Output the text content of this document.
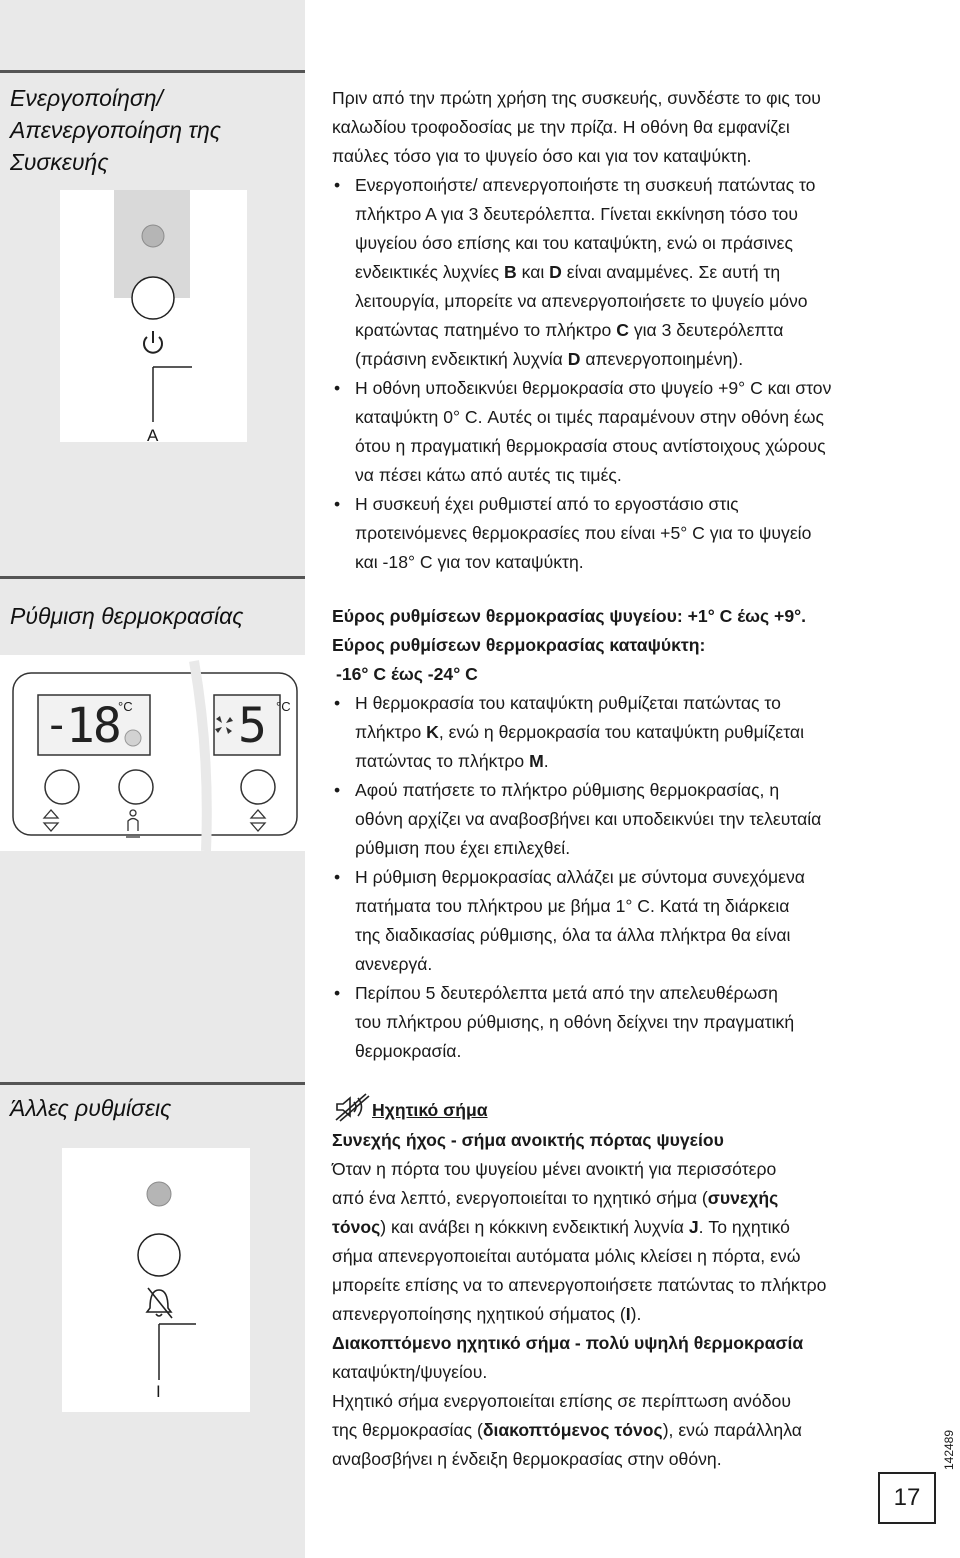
Ενεργοποίηση/
Απενεργοποίηση της
Συσκευής
A

Πριν από την πρώτη χρήση της συσκευής, συνδέστε το φις του
καλωδίου τροφοδοσίας με την πρίζα. Η οθόνη θα εμφανίζει
παύλες τόσο για το ψυγείο όσο και για τον καταψύκτη.

• Ενεργοποιήστε/ απενεργοποιήστε τη συσκευή πατώντας το
πλήκτρο Α για 3 δευτερόλεπτα. Γίνεται εκκίνηση τόσο του
ψυγείου όσο επίσης και του καταψύκτη, ενώ οι πράσινες
ενδεικτικές λυχνίες B και D είναι αναμμένες. Σε αυτή τη
λειτουργία, μπορείτε να απενεργοποιήσετε το ψυγείο μόνο
κρατώντας πατημένο το πλήκτρο C για 3 δευτερόλεπτα
(πράσινη ενδεικτική λυχνία D απενεργοποιημένη).
• Η οθόνη υποδεικνύει θερμοκρασία στο ψυγείο +9° C και στον
καταψύκτη 0° C. Αυτές οι τιμές παραμένουν στην οθόνη έως
ότου η πραγματική θερμοκρασία στους αντίστοιχους χώρους
να πέσει κάτω από αυτές τις τιμές.
• Η συσκευή έχει ρυθμιστεί από το εργοστάσιο στις
προτεινόμενες θερμοκρασίες που είναι +5° C για το ψυγείο
και -18° C για τον καταψύκτη.
Ρύθμιση θερμοκρασίας
-
18
°C 5 °C

Εύρος ρυθμίσεων θερμοκρασίας ψυγείου: +1° C έως +9°.

Εύρος ρυθμίσεων θερμοκρασίας καταψύκτη:

-16° C έως -24° C

• Η θερμοκρασία του καταψύκτη ρυθμίζεται πατώντας το
πλήκτρο K, ενώ η θερμοκρασία του καταψύκτη ρυθμίζεται
πατώντας το πλήκτρο M.
• Αφού πατήσετε το πλήκτρο ρύθμισης θερμοκρασίας, η
οθόνη αρχίζει να αναβοσβήνει και υποδεικνύει την τελευταία
ρύθμιση που έχει επιλεχθεί.
• Η ρύθμιση θερμοκρασίας αλλάζει με σύντομα συνεχόμενα
πατήματα του πλήκτρου με βήμα 1° C. Κατά τη διάρκεια
της διαδικασίας ρύθμισης, όλα τα άλλα πλήκτρα θα είναι
ανενεργά.
• Περίπου 5 δευτερόλεπτα μετά από την απελευθέρωση
του πλήκτρου ρύθμισης, η οθόνη δείχνει την πραγματική
θερμοκρασία.
Άλλες ρυθμίσεις
I
Ηχητικό σήμα

Συνεχής ήχος - σήμα ανοικτής πόρτας ψυγείου

Όταν η πόρτα του ψυγείου μένει ανοικτή για περισσότερο
από ένα λεπτό, ενεργοποιείται το ηχητικό σήμα (συνεχής
τόνος) και ανάβει η κόκκινη ενδεικτική λυχνία J. Το ηχητικό
σήμα απενεργοποιείται αυτόματα μόλις κλείσει η πόρτα, ενώ
μπορείτε επίσης να το απενεργοποιήσετε πατώντας το πλήκτρο
απενεργοποίησης ηχητικού σήματος (I).

Διακοπτόμενο ηχητικό σήμα - πολύ υψηλή θερμοκρασία

καταψύκτη/ψυγείου.

Ηχητικό σήμα ενεργοποιείται επίσης σε περίπτωση ανόδου
της θερμοκρασίας (διακοπτόμενος τόνος), ενώ παράλληλα
αναβοσβήνει η ένδειξη θερμοκρασίας στην οθόνη.	142489
17
